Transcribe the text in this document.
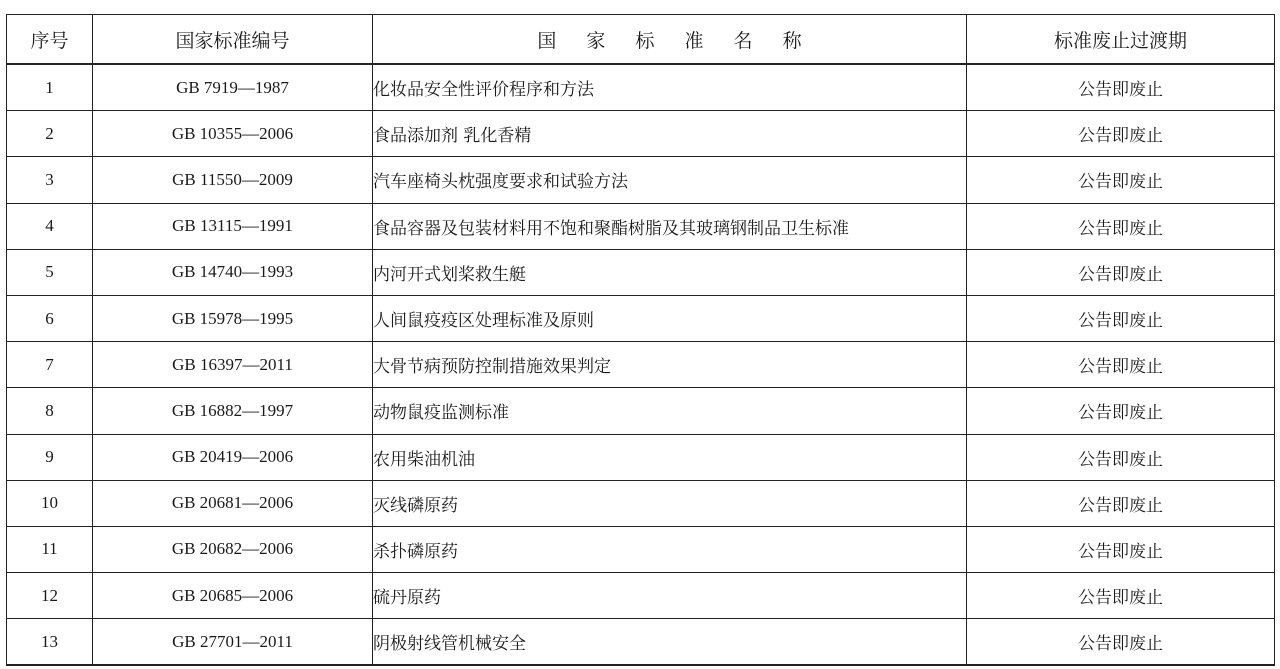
序号	国家标准编号	国 家 标 准 名 称	标准废止过渡期
1	GB 7919—1987	化妆品安全性评价程序和方法	公告即废止
2	GB 10355—2006	食品添加剂 乳化香精	公告即废止
3	GB 11550—2009	汽车座椅头枕强度要求和试验方法	公告即废止
4	GB 13115—1991	食品容器及包装材料用不饱和聚酯树脂及其玻璃钢制品卫生标准	公告即废止
5	GB 14740—1993	内河开式划桨救生艇	公告即废止
6	GB 15978—1995	人间鼠疫疫区处理标准及原则	公告即废止
7	GB 16397—2011	大骨节病预防控制措施效果判定	公告即废止
8	GB 16882—1997	动物鼠疫监测标准	公告即废止
9	GB 20419—2006	农用柴油机油	公告即废止
10	GB 20681—2006	灭线磷原药	公告即废止
11	GB 20682—2006	杀扑磷原药	公告即废止
12	GB 20685—2006	硫丹原药	公告即废止
13	GB 27701—2011	阴极射线管机械安全	公告即废止
